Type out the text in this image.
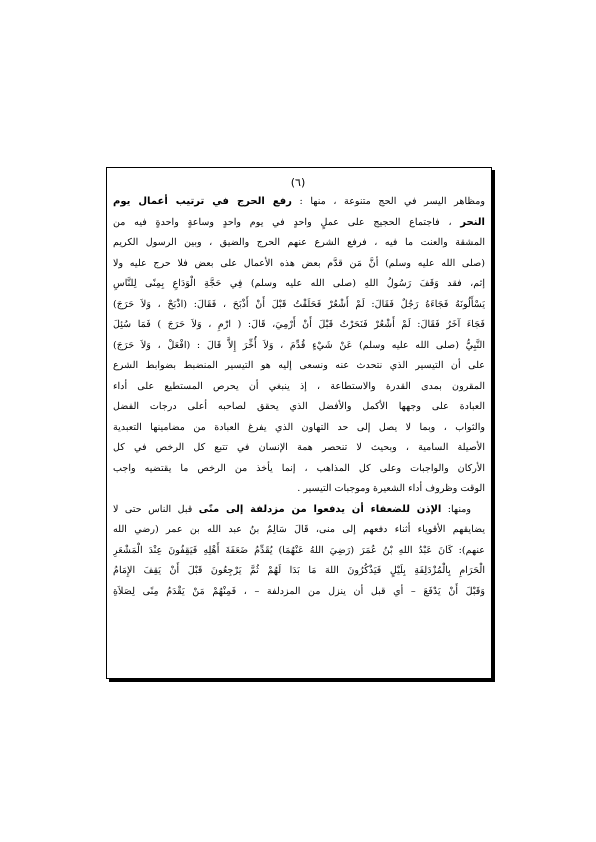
(٦)
ومظاهر اليسر في الحج متنوعة ، منها : رفع الحرج في ترتيب أعمال يوم
النحر ، فاجتماع الحجيج على عملٍ واحدٍ في يوم واحدٍ وساعةٍ واحدةٍ فيه من
المشقة والعنت ما فيه ، فرفع الشرع عنهم الحرج والضيق ، وبين الرسول الكريم
(صلى الله عليه وسلم) أنَّ مَن قدَّم بعض هذه الأعمال على بعض فلا حرج عليه ولا
إثم، فقد وَقَفَ رَسُولُ اللهِ (صلى الله عليه وسلم) فِي حَجَّةِ الْوَدَاعِ بِمِنًى لِلنَّاسِ
يَسْأَلُونَهُ فَجَاءَهُ رَجُلٌ فَقَالَ: لَمْ أَشْعُرْ فَحَلَقْتُ قَبْلَ أَنْ أَذْبَحَ ، فَقَالَ: (اذْبَحْ ، وَلاَ حَرَجَ)
فَجَاءَ آخَرُ فَقَالَ: لَمْ أَشْعُرْ فَنَحَرْتُ قَبْلَ أَنْ أَرْمِيَ، قَالَ: ( ارْمِ ، وَلاَ حَرَجَ ) فَمَا سُئِلَ
النَّبِيُّ (صلى الله عليه وسلم) عَنْ شَيْءٍ قُدِّمَ ، وَلاَ أُخِّرَ إِلاَّ قَالَ : (افْعَلْ ، وَلاَ حَرَجَ)
على أن التيسير الذي نتحدث عنه ونسعى إليه هو التيسير المنضبط بضوابط الشرع
المقرون بمدى القدرة والاستطاعة ، إذ ينبغي أن يحرص المستطيع على أداء
العبادة على وجهها الأكمل والأفضل الذي يحقق لصاحبه أعلى درجات الفضل
والثواب ، وبما لا يصل إلى حد التهاون الذي يفرغ العبادة من مضامينها التعبدية
الأصيلة السامية ، وبحيث لا تنحصر همة الإنسان في تتبع كل الرخص في كل
الأركان والواجبات وعلى كل المذاهب ، إنما يأخذ من الرخص ما يقتضيه واجب
الوقت وظروف أداء الشعيرة وموجبات التيسير .
ومنها: الإذن للضعفاء أن يدفعوا من مزدلفة إلى منًى قبل الناس حتى لا
يضايقهم الأقوياء أثناء دفعهم إلى منى، قَالَ سَالِمٌ بنُ عبد الله بن عمر (رضي الله
عنهم): كَانَ عَبْدُ اللهِ بْنُ عُمَرَ (رَضِيَ اللهُ عَنْهُمَا) يُقَدِّمُ ضَعَفَةَ أَهْلِهِ فَيَقِفُونَ عِنْدَ الْمَشْعَرِ
الْحَرَامِ بِالْمُزْدَلِفَةِ بِلَيْلٍ فَيَذْكُرُونَ اللهَ مَا بَدَا لَهُمْ ثُمَّ يَرْجِعُونَ قَبْلَ أَنْ يَقِفَ الإِمَامُ
وَقَبْلَ أَنْ يَدْفَعَ – أي قبل أن ينزل من المزدلفة – ، فَمِنْهُمْ مَنْ يَقْدَمُ مِنًى لِصَلاَةِ
